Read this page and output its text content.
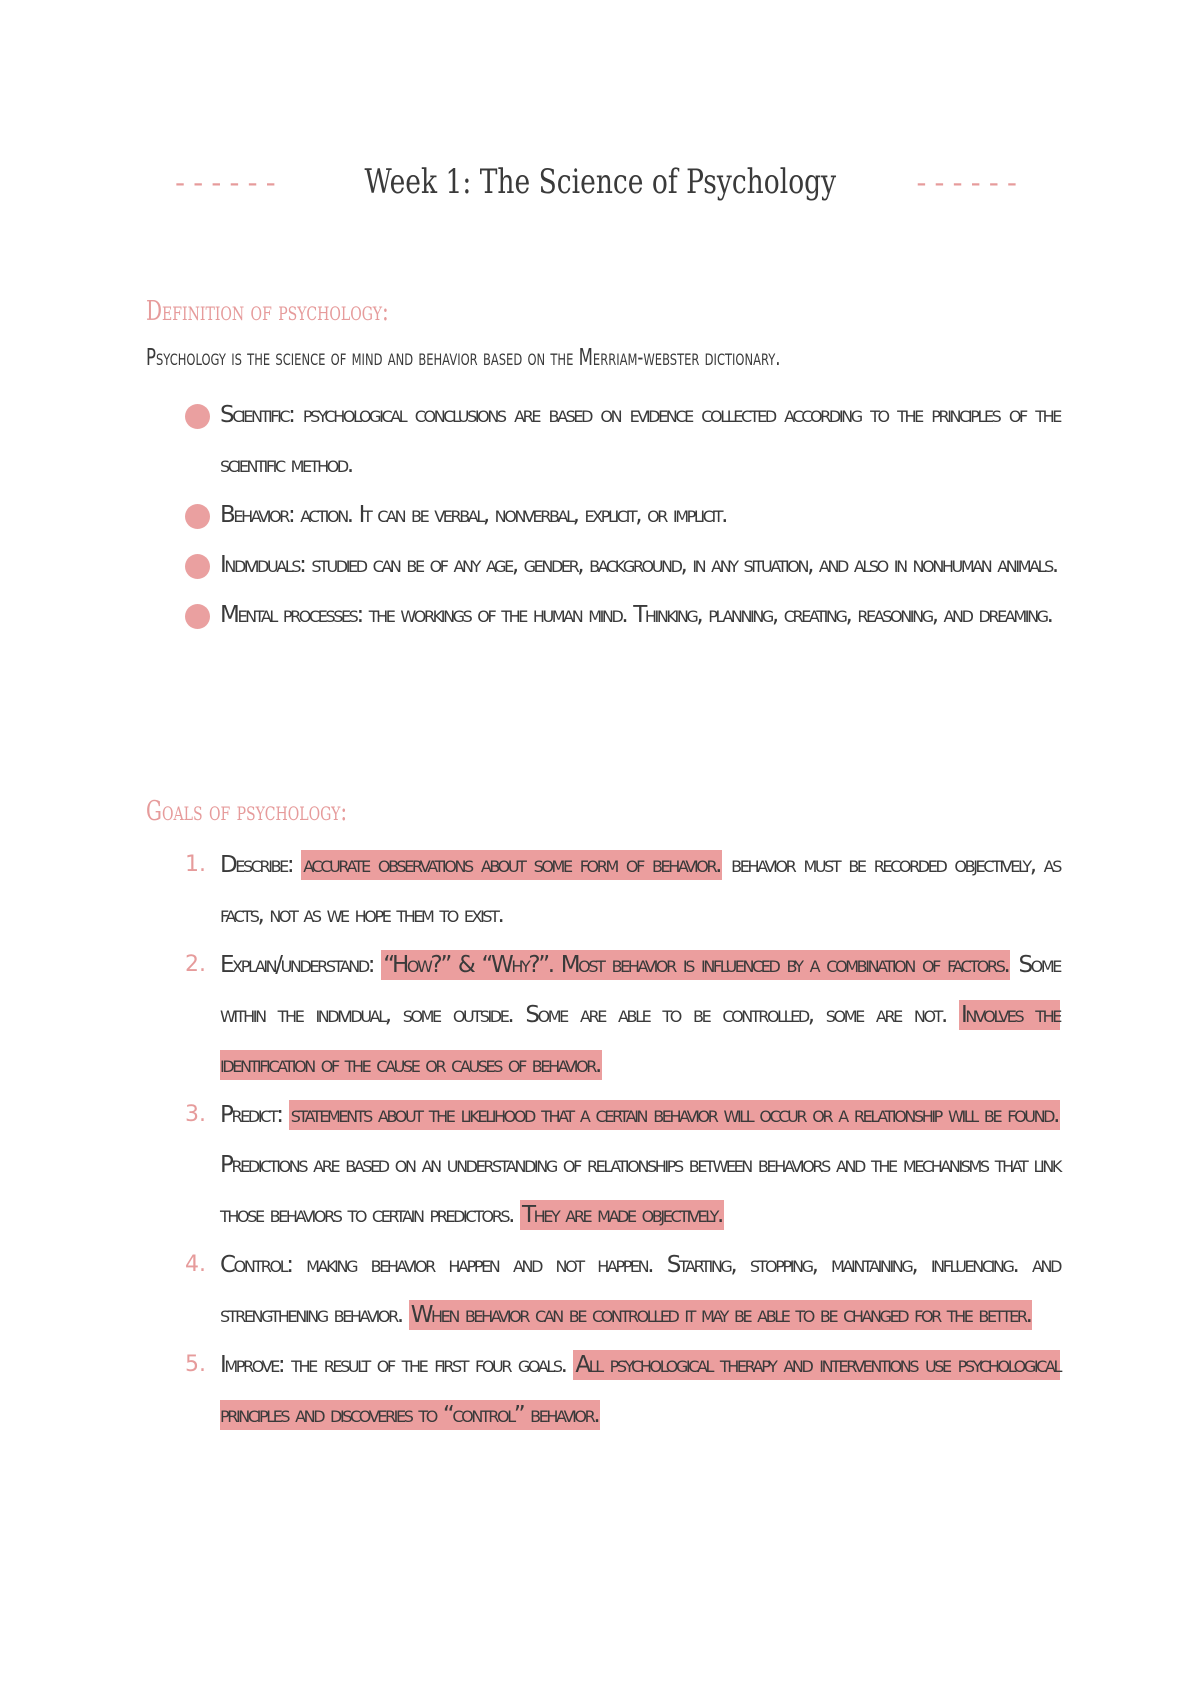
------ Week 1: The Science of Psychology	------
Definition of psychology:
Psychology is the science of mind and behavior based on the Merriam-webster dictionary.
Scientific: psychological conclusions are based on evidence collected according to the principles of the scientific method.
Behavior: action. It can be verbal, nonverbal, explicit, or implicit.
Individuals: studied can be of any age, gender, background, in any situation, and also in nonhuman animals.
Mental processes: the workings of the human mind. Thinking, planning, creating, reasoning, and dreaming.
Goals of psychology:
1. Describe: accurate observations about some form of behavior. behavior must be recorded objectively, as facts, not as we hope them to exist.
2. Explain/understand: “How?” & “Why?”. Most behavior is influenced by a combination of factors. Some within the individual, some outside. Some are able to be controlled, some are not. Involves the identification of the cause or causes of behavior.
3. Predict: statements about the likelihood that a certain behavior will occur or a relationship will be found. Predictions are based on an understanding of relationships between behaviors and the mechanisms that link those behaviors to certain predictors. They are made objectively.
4. Control: making behavior happen and not happen. Starting, stopping, maintaining, influencing. and strengthening behavior. When behavior can be controlled it may be able to be changed for the better.
5. Improve: the result of the first four goals. All psychological therapy and interventions use psychological principles and discoveries to “control” behavior.
